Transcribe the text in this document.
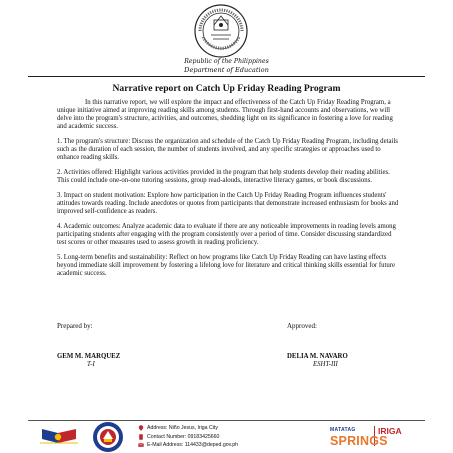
Republic of the Philippines
Department of Education
Narrative report on Catch Up Friday Reading Program

In this narrative report, we will explore the impact and effectiveness of the Catch Up Friday Reading Program, a unique initiative aimed at improving reading skills among students. Through first-hand accounts and observations, we will delve into the program's structure, activities, and outcomes, shedding light on its significance in fostering a love for reading and academic success.

1. The program's structure: Discuss the organization and schedule of the Catch Up Friday Reading Program, including details such as the duration of each session, the number of students involved, and any specific strategies or approaches used to enhance reading skills.

2. Activities offered: Highlight various activities provided in the program that help students develop their reading abilities. This could include one-on-one tutoring sessions, group read-alouds, interactive literacy games, or book discussions.

3. Impact on student motivation: Explore how participation in the Catch Up Friday Reading Program influences students' attitudes towards reading. Include anecdotes or quotes from participants that demonstrate increased enthusiasm for books and improved self-confidence as readers.

4. Academic outcomes: Analyze academic data to evaluate if there are any noticeable improvements in reading levels among participating students after engaging with the program consistently over a period of time. Consider discussing standardized test scores or other measures used to assess growth in reading proficiency.

5. Long-term benefits and sustainability: Reflect on how programs like Catch Up Friday Reading can have lasting effects beyond immediate skill improvement by fostering a lifelong love for literature and critical thinking skills essential for future academic success.

Prepared by:	Approved:
GEM M. MARQUEZ
T-I
DELIA M. NAVARO
ESHT-III
Address: Niño Jesus, Iriga City
Contact Number: 09183425660
E-Mail Address: 114433@deped.gov.ph
MATATAG	IRIGA
SPRINGS
